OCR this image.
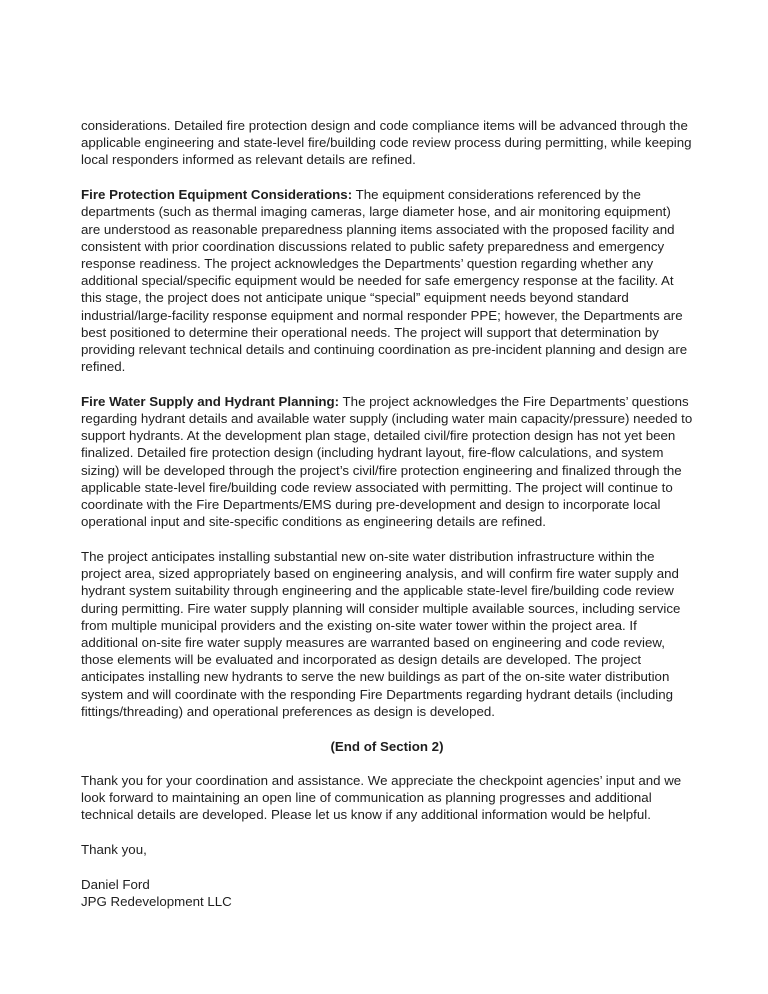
considerations. Detailed fire protection design and code compliance items will be advanced through the applicable engineering and state-level fire/building code review process during permitting, while keeping local responders informed as relevant details are refined.

Fire Protection Equipment Considerations: The equipment considerations referenced by the departments (such as thermal imaging cameras, large diameter hose, and air monitoring equipment) are understood as reasonable preparedness planning items associated with the proposed facility and consistent with prior coordination discussions related to public safety preparedness and emergency response readiness. The project acknowledges the Departments’ question regarding whether any additional special/specific equipment would be needed for safe emergency response at the facility. At this stage, the project does not anticipate unique “special” equipment needs beyond standard industrial/large-facility response equipment and normal responder PPE; however, the Departments are best positioned to determine their operational needs. The project will support that determination by providing relevant technical details and continuing coordination as pre-incident planning and design are refined.

Fire Water Supply and Hydrant Planning: The project acknowledges the Fire Departments’ questions regarding hydrant details and available water supply (including water main capacity/pressure) needed to support hydrants. At the development plan stage, detailed civil/fire protection design has not yet been finalized. Detailed fire protection design (including hydrant layout, fire-flow calculations, and system sizing) will be developed through the project’s civil/fire protection engineering and finalized through the applicable state-level fire/building code review associated with permitting. The project will continue to coordinate with the Fire Departments/EMS during pre-development and design to incorporate local operational input and site-specific conditions as engineering details are refined.

The project anticipates installing substantial new on-site water distribution infrastructure within the project area, sized appropriately based on engineering analysis, and will confirm fire water supply and hydrant system suitability through engineering and the applicable state-level fire/building code review during permitting. Fire water supply planning will consider multiple available sources, including service from multiple municipal providers and the existing on-site water tower within the project area. If additional on-site fire water supply measures are warranted based on engineering and code review, those elements will be evaluated and incorporated as design details are developed. The project anticipates installing new hydrants to serve the new buildings as part of the on-site water distribution system and will coordinate with the responding Fire Departments regarding hydrant details (including fittings/threading) and operational preferences as design is developed.

(End of Section 2)

Thank you for your coordination and assistance. We appreciate the checkpoint agencies’ input and we look forward to maintaining an open line of communication as planning progresses and additional technical details are developed. Please let us know if any additional information would be helpful.

Thank you,

Daniel Ford
JPG Redevelopment LLC
